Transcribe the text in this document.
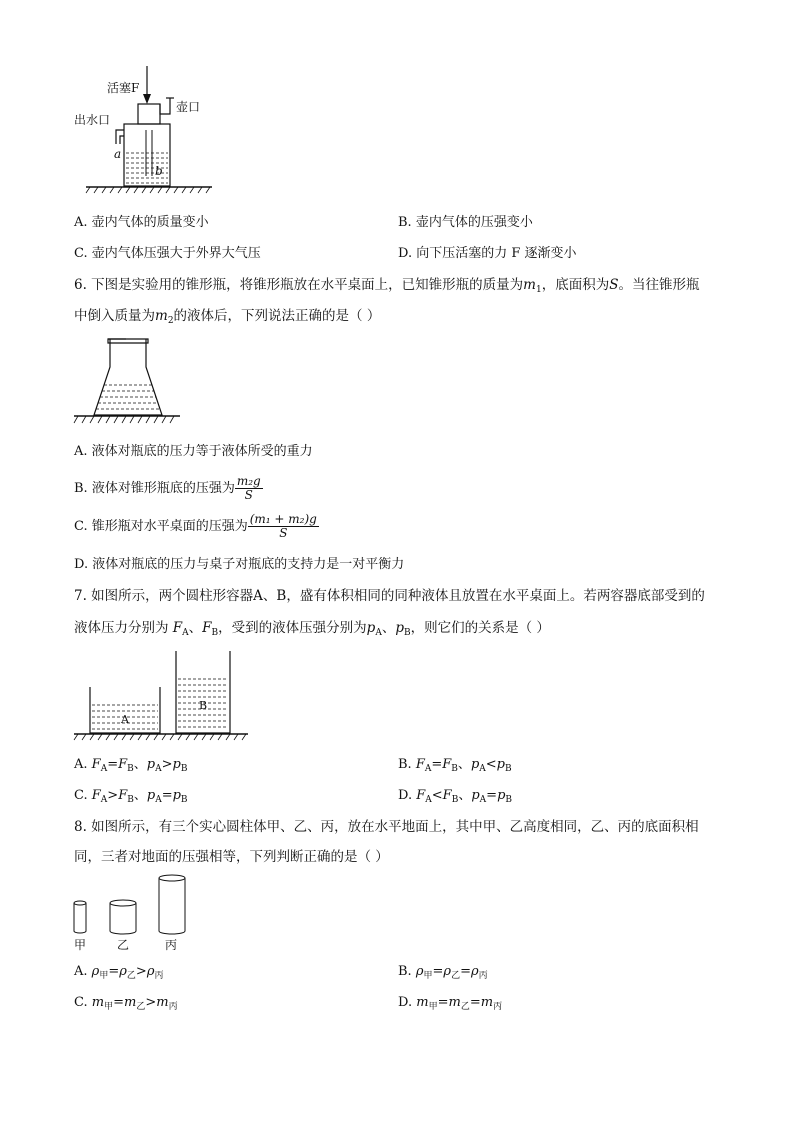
活塞F
壶口
出水口
a
b
A. 壶内气体的质量变小	B. 壶内气体的压强变小
C. 壶内气体压强大于外界大气压	D. 向下压活塞的力 F 逐渐变小
6. 下图是实验用的锥形瓶，将锥形瓶放在水平桌面上，已知锥形瓶的质量为$m_1$，底面积为S。当往锥形瓶
中倒入质量为$m_2$的液体后，下列说法正确的是（ ）
A. 液体对瓶底的压力等于液体所受的重力
B. 液体对锥形瓶底的压强为 $\frac{\text{m₂g}}{S}$
C. 锥形瓶对水平桌面的压强为 $\frac{\text{(m₁ + m₂)g}}{S}$
D. 液体对瓶底的压力与桌子对瓶底的支持力是一对平衡力
7. 如图所示，两个圆柱形容器A、B，盛有体积相同的同种液体且放置在水平桌面上。若两容器底部受到的
液体压力分别为 $F_A$、$F_B$，受到的液体压强分别为$p_A$、$p_B$，则它们的关系是（ ）
A
B
A. $F_A=F_B$、$p_A>p_B$	B. $F_A=F_B$、$p_A<p_B$
C. $F_A>F_B$、$p_A=p_B$	D. $F_A<F_B$、$p_A=p_B$
8. 如图所示，有三个实心圆柱体甲、乙、丙，放在水平地面上，其中甲、乙高度相同，乙、丙的底面积相
同，三者对地面的压强相等，下列判断正确的是（ ）
甲	乙	丙
A. $\rho_甲=\rho_乙>\rho_丙$	B. $\rho_甲=\rho_乙=\rho_丙$
C. $m_甲=m_乙>m_丙$	D. $m_甲=m_乙=m_丙$
